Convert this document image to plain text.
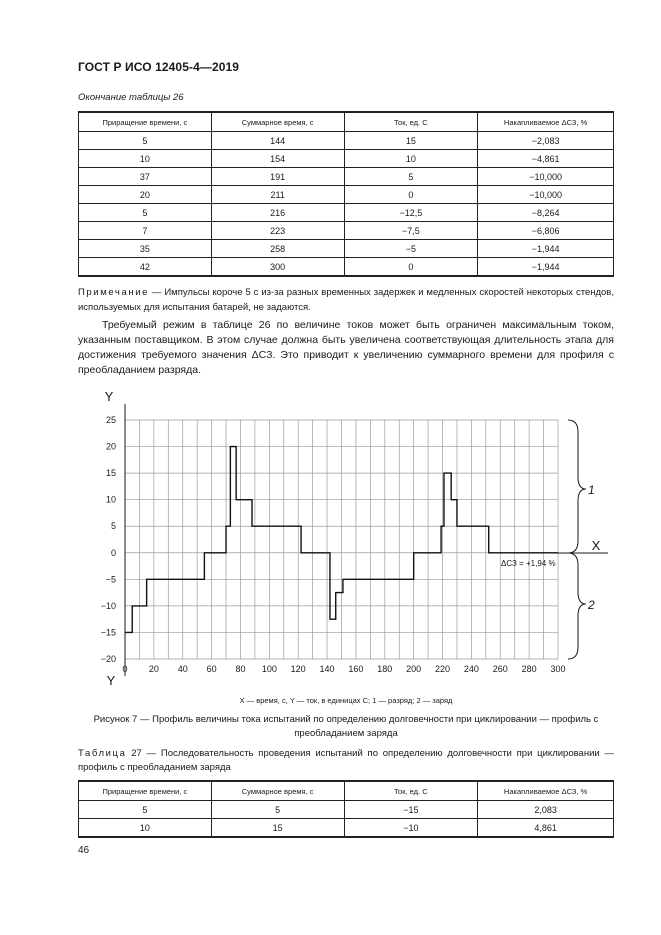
ГОСТ Р ИСО 12405-4—2019
Окончание таблицы 26
Приращение времени, с	Суммарное время, с	Ток, ед. C	Накапливаемое ΔСЗ, %
5	144	15	−2,083
10	154	10	−4,861
37	191	5	−10,000
20	211	0	−10,000
5	216	−12,5	−8,264
7	223	−7,5	−6,806
35	258	−5	−1,944
42	300	0	−1,944
Примечание — Импульсы короче 5 с из-за разных временных задержек и медленных скоростей некоторых стендов, используемых для испытания батарей, не задаются.
Требуемый режим в таблице 26 по величине токов может быть ограничен максимальным током, указанным поставщиком. В этом случае должна быть увеличена соответствующая длительность этапа для достижения требуемого значения ΔСЗ. Это приводит к увеличению суммарного времени для профиля с преобладанием разряда.
0 20 40 60 80 100 120 140 160 180 200 220 240 260 280 300
25
20
15
10
5
0
−5
−10
−15
−20
Y
Y
X
1
2
ΔСЗ = +1,94 %
X — время, с, Y — ток, в единицах C; 1 — разряд; 2 — заряд
Рисунок 7 — Профиль величины тока испытаний по определению долговечности при циклировании — профиль с преобладанием заряда
Таблица 27 — Последовательность проведения испытаний по определению долговечности при циклировании — профиль с преобладанием заряда
Приращение времени, с	Суммарное время, с	Ток, ед. C	Накапливаемое ΔСЗ, %
5	5	−15	2,083
10	15	−10	4,861
46
